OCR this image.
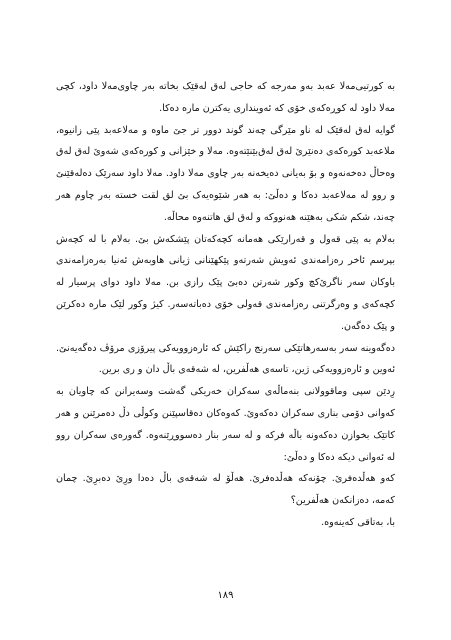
به کورتیی‌مه‌لا عه‌بد به‌و مه‌رجه که حاجی له‌ق له‌قێک بخاته به‌ر چاوی‌مه‌لا داود، کچی مه‌لا داود له کوڕه‌که‌ی خۆی که ئه‌ویندارى یه‌کترن ماره ده‌کا.

گوایه له‌ق له‌قێک له ناو مێرگی چه‌ند گوند دوور تر جێ ماوه و مه‌لاعه‌بد پێی زانیوه، ملاعه‌بد کوره‌که‌ی ده‌نێرێ له‌ق له‌ق‌بێنێته‌وه. مه‌لا و خێزانی و کوره‌که‌ی شه‌وێ له‌ق له‌ق وه‌حاڵ ده‌خه‌نه‌وه و بۆ به‌یانی ده‌یخه‌نه به‌ر چاوی مه‌لا داود. مه‌لا داود سه‌رێک ده‌له‌قێنێ و روو له مه‌لاعه‌بد ده‌کا و ده‌ڵێ: به هه‌ر شێوه‌یه‌ک بێ لق لقت خسته به‌ر چاوم هه‌ر چه‌ند، شکم شکی به‌هێنه هه‌نووکه و له‌ق لق هاتنه‌وه محاڵه.

به‌لام به پێی قه‌ول و قه‌رارێکی هه‌مانه کچه‌که‌تان پێشکه‌ش بێ. به‌لام با له کچه‌ش بپرسم ئاخر ره‌زامه‌ندی ئه‌ویش شه‌رته‌و پێکهێنانی ژیانی هاوبه‌ش ئه‌نیا به‌ره‌زامه‌ندی باوکان سه‌ر ناگرێ‌کچ وکور شه‌رتن ده‌بێ پێک رازی بن. مه‌لا داود دوای پرسیار له کچه‌که‌ی و وه‌رگرتنی ره‌زامه‌ندی قه‌ولی خۆی ده‌باته‌سه‌ر. کیژ وکور لێک ماره ده‌کرێن و پێک ده‌گه‌ن.

ده‌گه‌وینه سه‌ر به‌سه‌رهاتێکی سه‌رنج راکێش که ئاره‌زوویه‌کی پیرۆزی مرۆڤ ده‌گه‌یه‌نێ. ئه‌وین و ئاره‌زوویه‌کی ژین، تاسه‌ی هه‌ڵفرین، له شه‌قه‌ی باڵ دان و ری برین.

رِدێن سپی وماقوولانی بنه‌ماڵه‌ی سه‌کران خه‌ریکی گه‌شت وسه‌یرانن که چاویان به که‌وانی دۆمی بناری سه‌کران ده‌که‌وێ. که‌وه‌کان ده‌قاسپێنن وکوڵی دڵ ده‌مرێنن و هه‌ر کاتێک بخوازن ده‌که‌ونه باڵه فرکه و له سه‌ر بنار ده‌سووڕێنه‌وه. گه‌وره‌ی سه‌کران روو له ئه‌وانی دیکه ده‌کا و ده‌ڵێ:

که‌و هه‌ڵده‌فرێ. چۆنه‌که هه‌ڵده‌فرێ. هه‌ڵۆ له شه‌قه‌ی باڵ ده‌دا ورِێ ده‌برِێ. چمان که‌مه‌، ده‌زانکه‌ن هه‌ڵفرین؟

با، به‌تاقی که‌ینه‌وه.

١٨٩
